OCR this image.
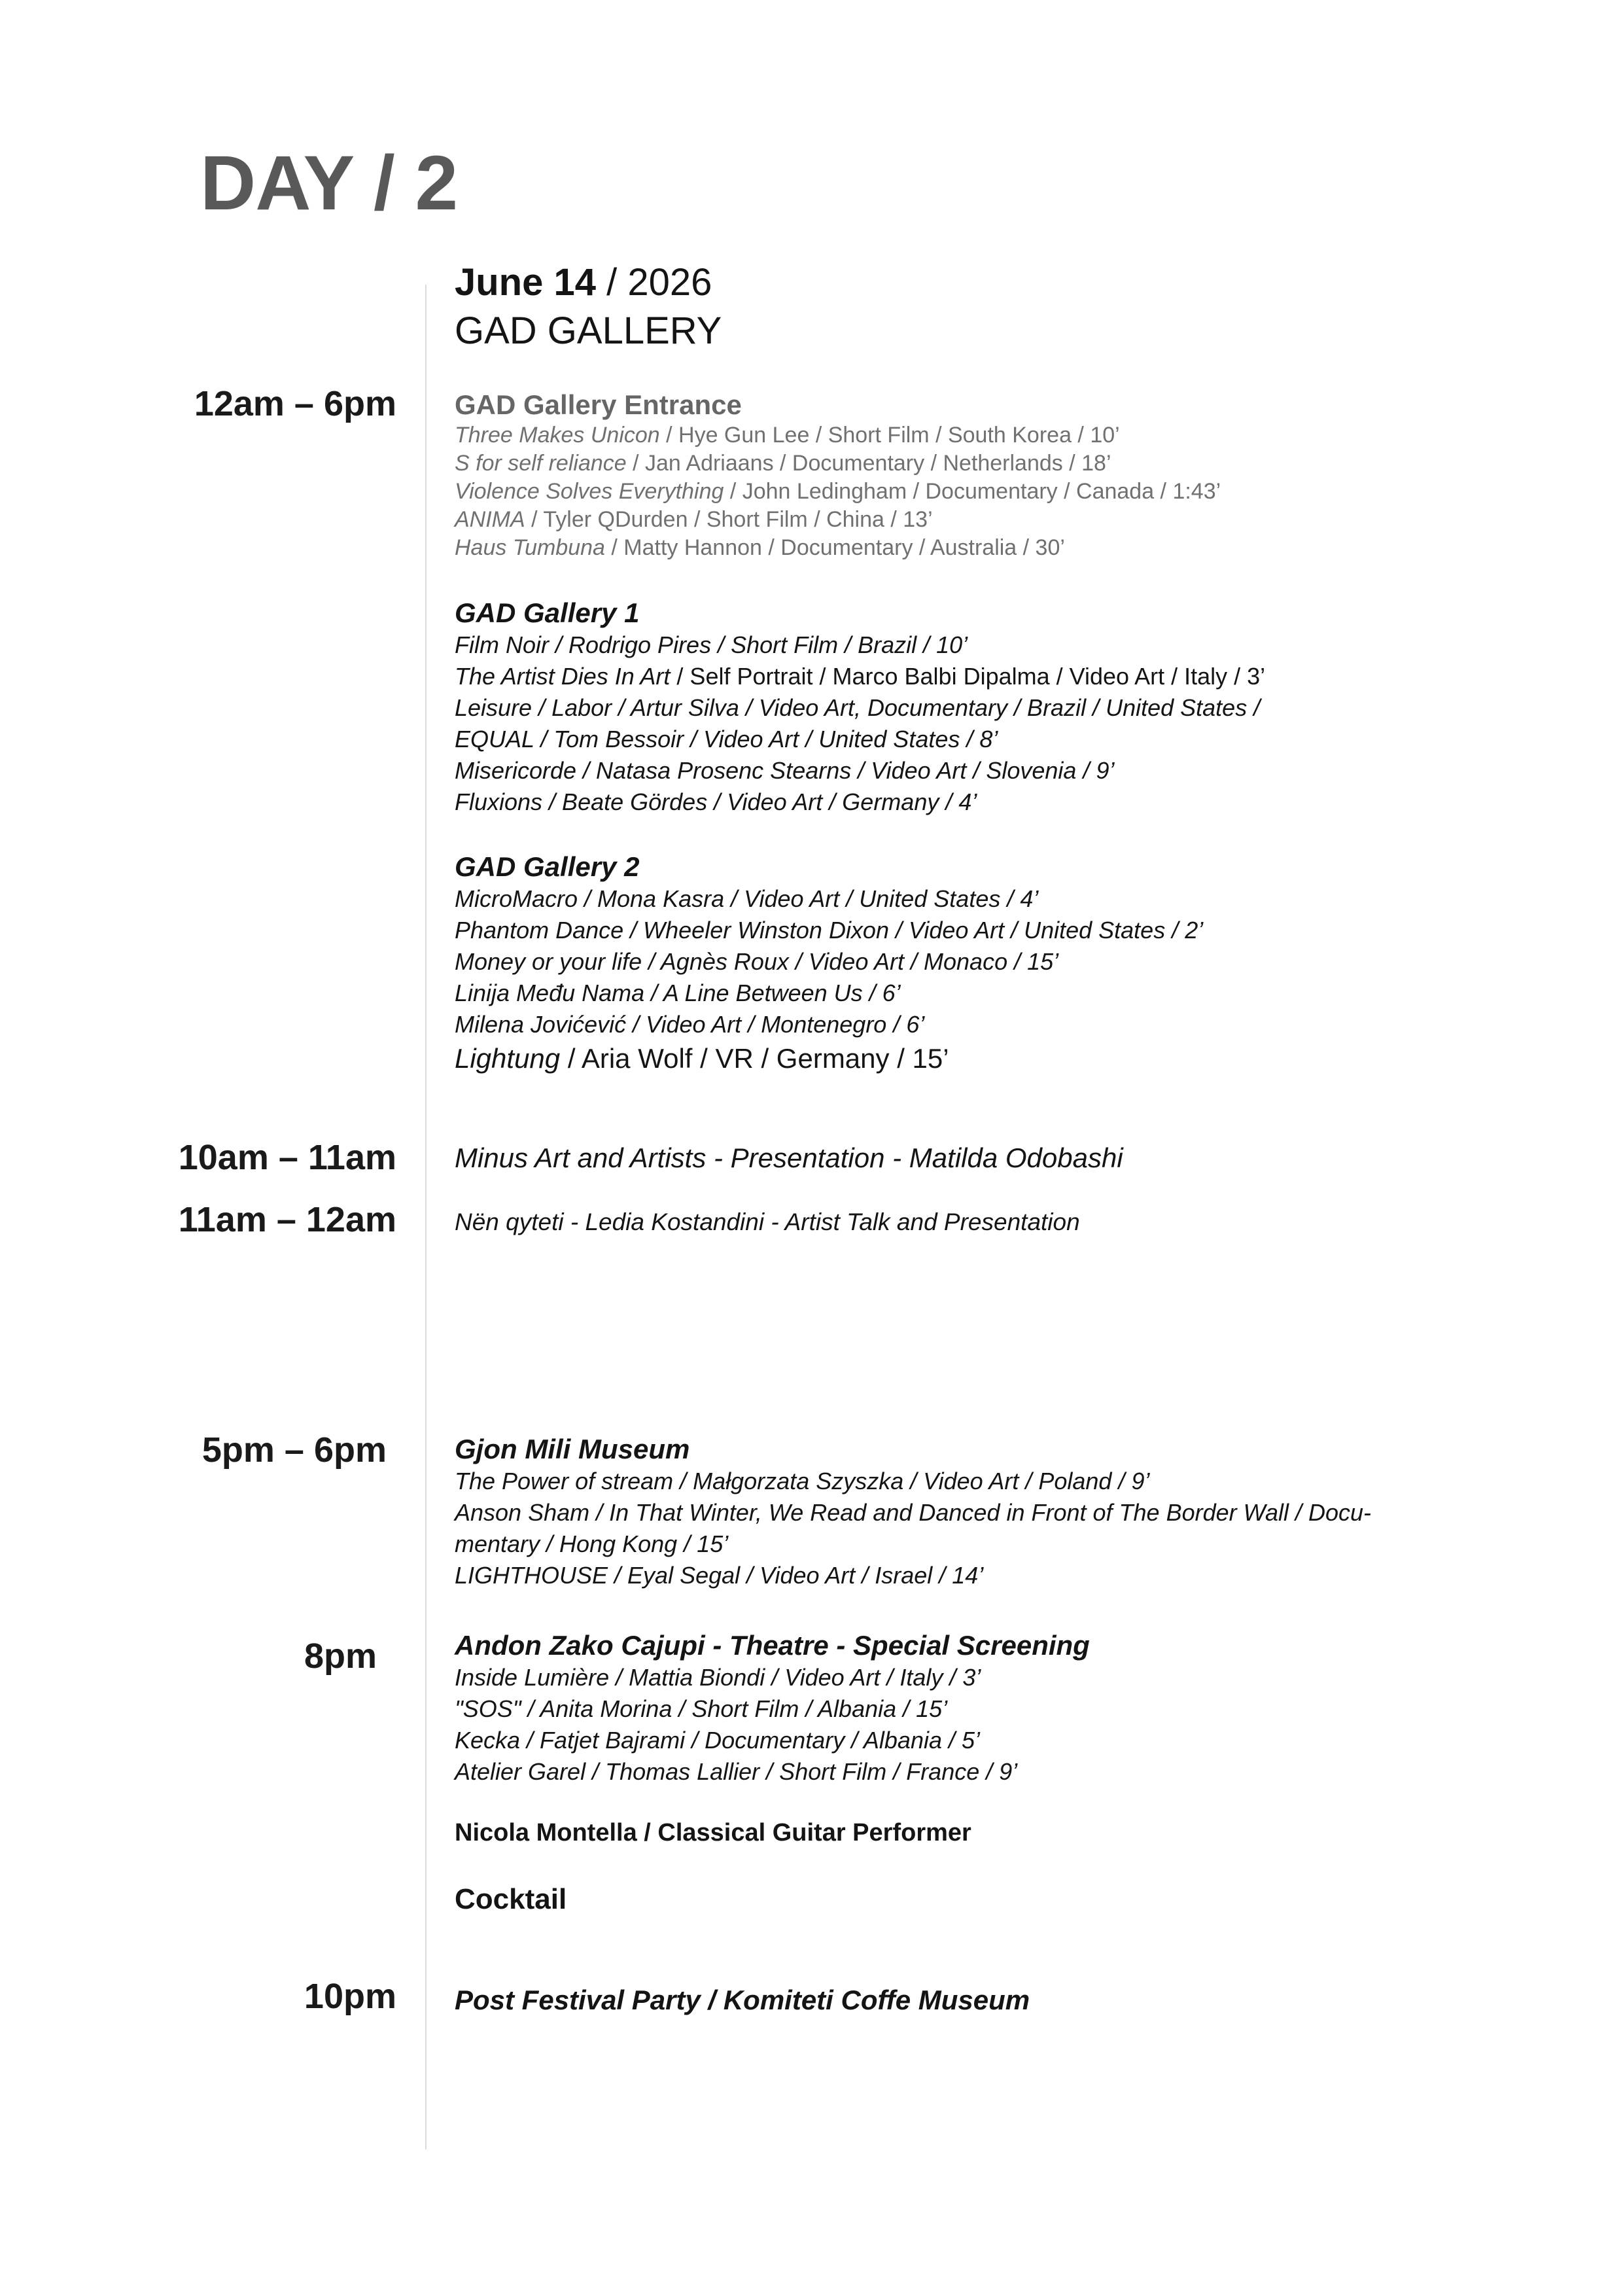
DAY / 2
June 14 / 2026
GAD GALLERY
12am – 6pm GAD Gallery Entrance
Three Makes Unicon / Hye Gun Lee / Short Film / South Korea / 10’
S for self reliance / Jan Adriaans / Documentary / Netherlands / 18’
Violence Solves Everything / John Ledingham / Documentary / Canada / 1:43’
ANIMA / Tyler QDurden / Short Film / China / 13’
Haus Tumbuna / Matty Hannon / Documentary / Australia / 30’
GAD Gallery 1
Film Noir / Rodrigo Pires / Short Film / Brazil / 10’
The Artist Dies In Art / Self Portrait / Marco Balbi Dipalma / Video Art / Italy / 3’
Leisure / Labor / Artur Silva / Video Art, Documentary / Brazil / United States /
EQUAL / Tom Bessoir / Video Art / United States / 8’
Misericorde / Natasa Prosenc Stearns / Video Art / Slovenia / 9’
Fluxions / Beate Gördes / Video Art / Germany / 4’
GAD Gallery 2
MicroMacro / Mona Kasra / Video Art / United States / 4’
Phantom Dance / Wheeler Winston Dixon / Video Art / United States / 2’
Money or your life / Agnès Roux / Video Art / Monaco / 15’
Linija Među Nama / A Line Between Us / 6’
Milena Jovićević / Video Art / Montenegro / 6’
Lightung / Aria Wolf / VR / Germany / 15’
10am – 11am Minus Art and Artists - Presentation - Matilda Odobashi
11am – 12am Nën qyteti - Ledia Kostandini - Artist Talk and Presentation
5pm – 6pm Gjon Mili Museum
The Power of stream / Małgorzata Szyszka / Video Art / Poland / 9’
Anson Sham / In That Winter, We Read and Danced in Front of The Border Wall / Docu-
mentary / Hong Kong / 15’
LIGHTHOUSE / Eyal Segal / Video Art / Israel / 14’
8pm	Andon Zako Cajupi - Theatre - Special Screening
Inside Lumière / Mattia Biondi / Video Art / Italy / 3’
"SOS" / Anita Morina / Short Film / Albania / 15’
Kecka / Fatjet Bajrami / Documentary / Albania / 5’
Atelier Garel / Thomas Lallier / Short Film / France / 9’
Nicola Montella / Classical Guitar Performer
Cocktail
10pm Post Festival Party / Komiteti Coffe Museum
